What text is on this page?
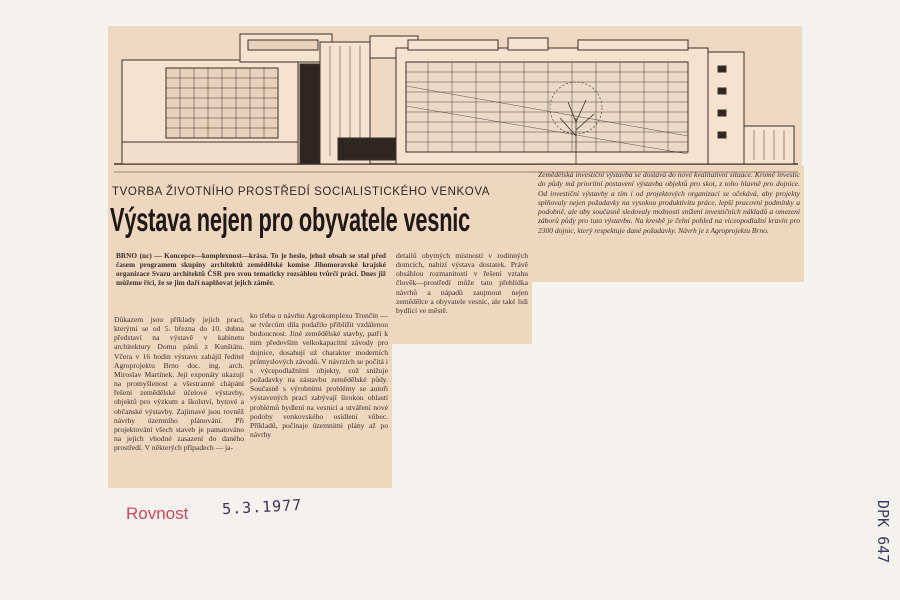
TVORBA ŽIVOTNÍHO PROSTŘEDÍ SOCIALISTICKÉHO VENKOVA
Výstava nejen pro obyvatele vesnic

BRNO (nc) — Koncepce—komplexnost—krása. To je heslo, jehož obsah se stal před časem programem skupiny architektů zemědělské komise Jihomoravské krajské organizace Svazu architektů ČSR pro svou tematicky rozsáhlou tvůrčí práci. Dnes již můžeme říci, že se jim daří naplňovat jejich záměr.

Důkazem jsou příklady jejich prací, kterými se od 5. března do 10. dubna představí na výstavě v kabinetu architektury Domu pánů z Kunštátu. Včera v 16 hodin výstavu zahájil ředitel Agroprojektu Brno doc. ing. arch. Miroslav Martínek. Její exponáty ukazují na promyšlenost a všestranné chápání řešení zemědělské účelové výstavby, objektů pro výzkum a školství, bytové a občanské výstavby. Zajímavé jsou rovněž návrhy územního plánování. Při projektování všech staveb je pamatováno na jejich vhodné zasazení do daného prostředí. V některých případech — ja-

ko třeba u návrhu Agrokomplexu Trenčín — se tvůrcům díla podařilo přiblížit vzdálenou budoucnost. Jiné zemědělské stavby, patří k nim především velkokapacitní závody pro dojnice, dosahují už charakter moderních průmyslových závodů. V návrzích se počítá i s výcepodlažními objekty, což snižuje požadavky na zástavbu zemědělské půdy. Současně s výrobními problémy se autoři výstavených prací zabývají širokou oblastí problémů bydlení na vesnici a utváření nové podoby venkovského osídlení vůbec. Příkladů, počínaje územními plány až po návrhy

detailů obytných místností v rodinných domcích, nabízí výstava dostatek. Právě obsáhlou rozmanitostí v řešení vztahu člověk—prostředí může tato přehlídka návrhů a nápadů zaujmout nejen zemědělce a obyvatele vesnic, ale také lidi bydlící ve městě.

Zemědělská investiční výstavba se dostává do nové kvalitativní situace. Kromě investic do půdy má prioritní postavení výstavba objektů pro skot, z toho hlavně pro dojnice. Od investiční výstavby a tím i od projektových organizací se očekává, aby projekty splňovaly nejen požadavky na vysokou produktivitu práce, lepší pracovní podmínky a podobně, ale aby současně sledovaly možnosti snížení investičních nákladů a omezení záborů půdy pro tuto výstavbu. Na kresbě je čelní pohled na víceopodlažní kravín pro 2300 dojnic, který respektuje dané požadavky. Návrh je z Agroprojektu Brno.

Rovnost 5.3.1977	DPK 647
